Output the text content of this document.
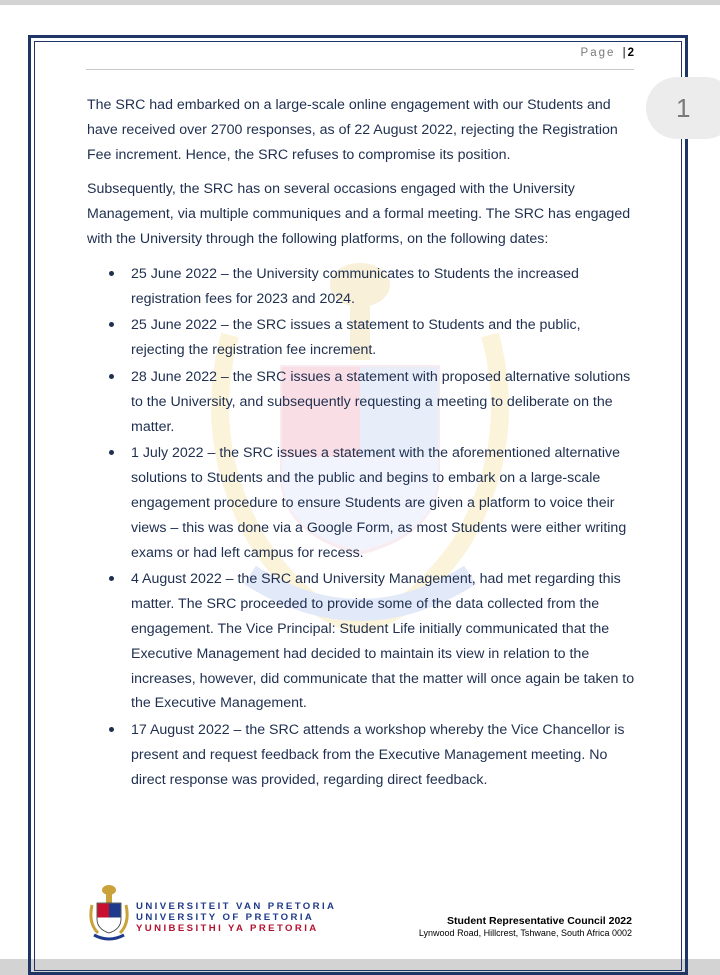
Page | 2
1

The SRC had embarked on a large-scale online engagement with our Students and have received over 2700 responses, as of 22 August 2022, rejecting the Registration Fee increment. Hence, the SRC refuses to compromise its position.

Subsequently, the SRC has on several occasions engaged with the University Management, via multiple communiques and a formal meeting. The SRC has engaged with the University through the following platforms, on the following dates:

25 June 2022 – the University communicates to Students the increased registration fees for 2023 and 2024.
25 June 2022 – the SRC issues a statement to Students and the public, rejecting the registration fee increment.
28 June 2022 – the SRC issues a statement with proposed alternative solutions to the University, and subsequently requesting a meeting to deliberate on the matter.
1 July 2022 – the SRC issues a statement with the aforementioned alternative solutions to Students and the public and begins to embark on a large-scale engagement procedure to ensure Students are given a platform to voice their views – this was done via a Google Form, as most Students were either writing exams or had left campus for recess.
4 August 2022 – the SRC and University Management, had met regarding this matter. The SRC proceeded to provide some of the data collected from the engagement. The Vice Principal: Student Life initially communicated that the Executive Management had decided to maintain its view in relation to the increases, however, did communicate that the matter will once again be taken to the Executive Management.
17 August 2022 – the SRC attends a workshop whereby the Vice Chancellor is present and request feedback from the Executive Management meeting. No direct response was provided, regarding direct feedback.
UNIVERSITEIT VAN PRETORIA
UNIVERSITY OF PRETORIA
YUNIBESITHI YA PRETORIA
Student Representative Council 2022
Lynwood Road, Hillcrest, Tshwane, South Africa 0002
